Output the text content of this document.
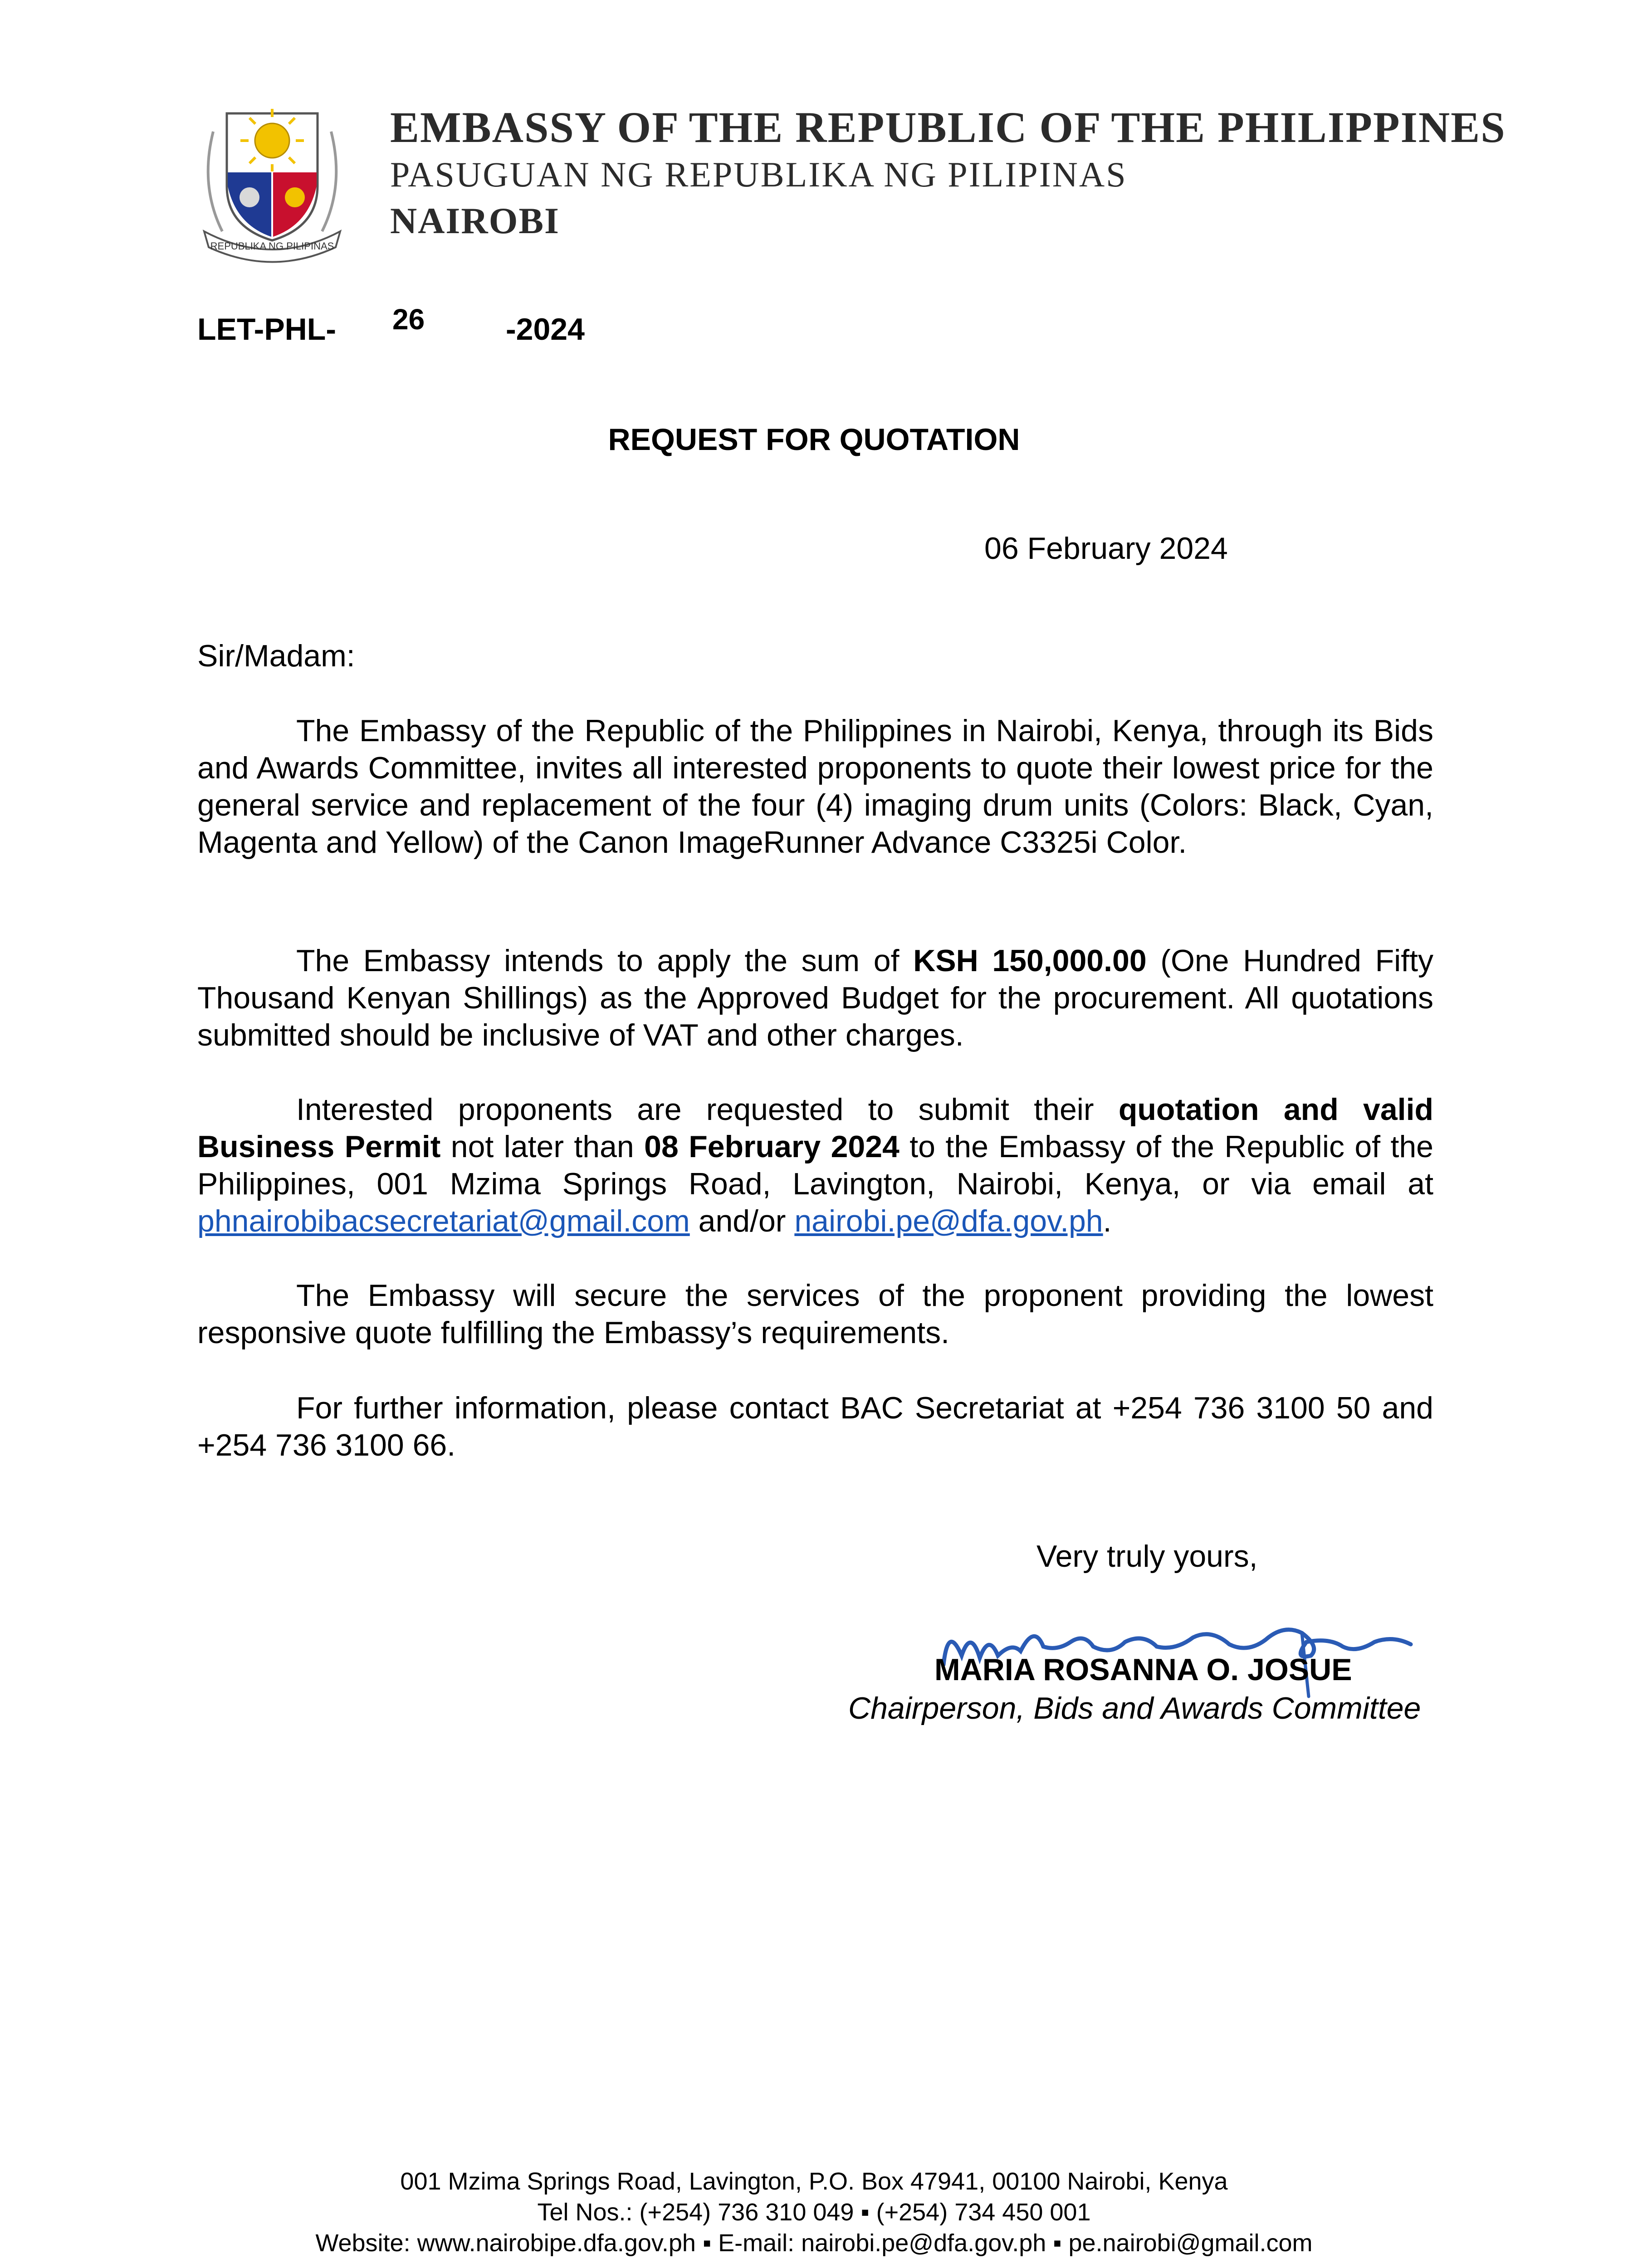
REPUBLIKA NG PILIPINAS
EMBASSY OF THE REPUBLIC OF THE PHILIPPINES
PASUGUAN NG REPUBLIKA NG PILIPINAS
NAIROBI
LET-PHL- 26	-2024
REQUEST FOR QUOTATION
06 February 2024
Sir/Madam:
The Embassy of the Republic of the Philippines in Nairobi, Kenya, through its Bids and Awards Committee, invites all interested proponents to quote their lowest price for the general service and replacement of the four (4) imaging drum units (Colors: Black, Cyan, Magenta and Yellow) of the Canon ImageRunner Advance C3325i Color.
The Embassy intends to apply the sum of KSH 150,000.00 (One Hundred Fifty Thousand Kenyan Shillings) as the Approved Budget for the procurement. All quotations submitted should be inclusive of VAT and other charges.
Interested proponents are requested to submit their quotation and valid Business Permit not later than 08 February 2024 to the Embassy of the Republic of the Philippines, 001 Mzima Springs Road, Lavington, Nairobi, Kenya, or via email at phnairobibacsecretariat@gmail.com and/or nairobi.pe@dfa.gov.ph.
The Embassy will secure the services of the proponent providing the lowest responsive quote fulfilling the Embassy’s requirements.
For further information, please contact BAC Secretariat at +254 736 3100 50 and +254 736 3100 66.
Very truly yours,
MARIA ROSANNA O. JOSUE
Chairperson, Bids and Awards Committee
001 Mzima Springs Road, Lavington, P.O. Box 47941, 00100 Nairobi, Kenya
Tel Nos.: (+254) 736 310 049 ▪ (+254) 734 450 001
Website: www.nairobipe.dfa.gov.ph ▪ E-mail: nairobi.pe@dfa.gov.ph ▪ pe.nairobi@gmail.com
